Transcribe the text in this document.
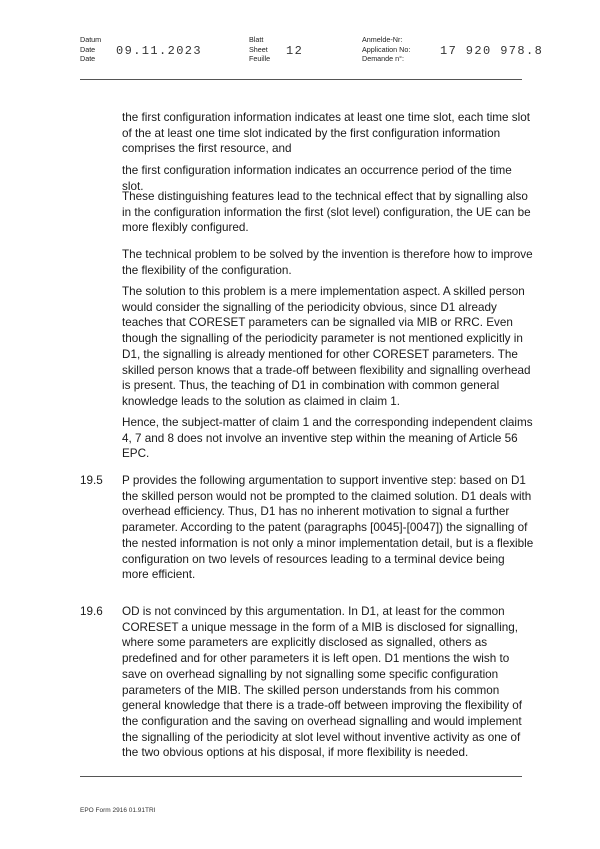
Datum
Date
Date
09.11.2023
Blatt
Sheet
Feuille
12
Anmelde-Nr:
Application No:
Demande n°:
17 920 978.8

the first configuration information indicates at least one time slot, each time slot of the at least one time slot indicated by the first configuration information comprises the first resource, and

the first configuration information indicates an occurrence period of the time slot.

These distinguishing features lead to the technical effect that by signalling also in the configuration information the first (slot level) configuration, the UE can be more flexibly configured.

The technical problem to be solved by the invention is therefore how to improve the flexibility of the configuration.

The solution to this problem is a mere implementation aspect. A skilled person would consider the signalling of the periodicity obvious, since D1 already teaches that CORESET parameters can be signalled via MIB or RRC. Even though the signalling of the periodicity parameter is not mentioned explicitly in D1, the signalling is already mentioned for other CORESET parameters. The skilled person knows that a trade-off between flexibility and signalling overhead is present. Thus, the teaching of D1 in combination with common general knowledge leads to the solution as claimed in claim 1.

Hence, the subject-matter of claim 1 and the corresponding independent claims 4, 7 and 8 does not involve an inventive step within the meaning of Article 56 EPC.

19.5 P provides the following argumentation to support inventive step: based on D1 the skilled person would not be prompted to the claimed solution. D1 deals with overhead efficiency. Thus, D1 has no inherent motivation to signal a further parameter. According to the patent (paragraphs [0045]-[0047]) the signalling of the nested information is not only a minor implementation detail, but is a flexible configuration on two levels of resources leading to a terminal device being more efficient.

19.6 OD is not convinced by this argumentation. In D1, at least for the common CORESET a unique message in the form of a MIB is disclosed for signalling, where some parameters are explicitly disclosed as signalled, others as predefined and for other parameters it is left open. D1 mentions the wish to save on overhead signalling by not signalling some specific configuration parameters of the MIB. The skilled person understands from his common general knowledge that there is a trade-off between improving the flexibility of the configuration and the saving on overhead signalling and would implement the signalling of the periodicity at slot level without inventive activity as one of the two obvious options at his disposal, if more flexibility is needed.

EPO Form 2916 01.91TRI
